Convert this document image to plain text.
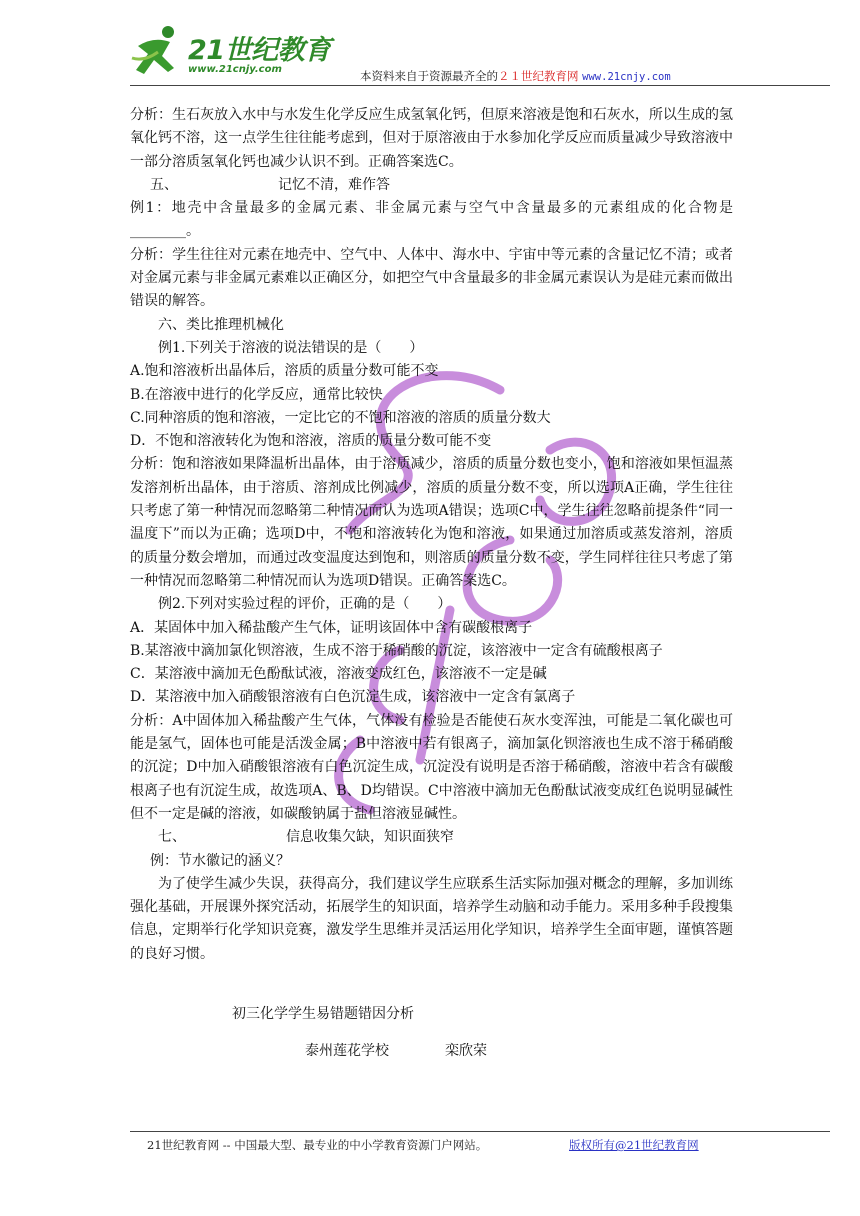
21世纪教育
www.21cnjy.com	本资料来自于资源最齐全的２１世纪教育网 www.21cnjy.com

分析：生石灰放入水中与水发生化学反应生成氢氧化钙，但原来溶液是饱和石灰水，所以生成的氢氧化钙不溶，这一点学生往往能考虑到，但对于原溶液由于水参加化学反应而质量减少导致溶液中一部分溶质氢氧化钙也减少认识不到。正确答案选C。

五、	记忆不清，难作答

例1：地壳中含量最多的金属元素、非金属元素与空气中含量最多的元素组成的化合物是________。

分析：学生往往对元素在地壳中、空气中、人体中、海水中、宇宙中等元素的含量记忆不清；或者对金属元素与非金属元素难以正确区分，如把空气中含量最多的非金属元素误认为是硅元素而做出错误的解答。

六、类比推理机械化

例1.下列关于溶液的说法错误的是（　　）

A.饱和溶液析出晶体后，溶质的质量分数可能不变

B.在溶液中进行的化学反应，通常比较快

C.同种溶质的饱和溶液，一定比它的不饱和溶液的溶质的质量分数大

D．不饱和溶液转化为饱和溶液，溶质的质量分数可能不变

分析：饱和溶液如果降温析出晶体，由于溶质减少，溶质的质量分数也变小，饱和溶液如果恒温蒸发溶剂析出晶体，由于溶质、溶剂成比例减少，溶质的质量分数不变，所以选项A正确，学生往往只考虑了第一种情况而忽略第二种情况而认为选项A错误；选项C中，学生往往忽略前提条件“同一温度下”而以为正确；选项D中，不饱和溶液转化为饱和溶液，如果通过加溶质或蒸发溶剂，溶质的质量分数会增加，而通过改变温度达到饱和，则溶质的质量分数不变，学生同样往往只考虑了第一种情况而忽略第二种情况而认为选项D错误。正确答案选C。

例2.下列对实验过程的评价，正确的是（　　）

A．某固体中加入稀盐酸产生气体，证明该固体中含有碳酸根离子

B.某溶液中滴加氯化钡溶液，生成不溶于稀硝酸的沉淀，该溶液中一定含有硫酸根离子

C．某溶液中滴加无色酚酞试液，溶液变成红色，该溶液不一定是碱

D．某溶液中加入硝酸银溶液有白色沉淀生成，该溶液中一定含有氯离子

分析：A中固体加入稀盐酸产生气体，气体没有检验是否能使石灰水变浑浊，可能是二氧化碳也可能是氢气，固体也可能是活泼金属；B中溶液中若有银离子，滴加氯化钡溶液也生成不溶于稀硝酸的沉淀；D中加入硝酸银溶液有白色沉淀生成，沉淀没有说明是否溶于稀硝酸，溶液中若含有碳酸根离子也有沉淀生成，故选项A、B、D均错误。C中溶液中滴加无色酚酞试液变成红色说明显碱性但不一定是碱的溶液，如碳酸钠属于盐但溶液显碱性。

七、	信息收集欠缺，知识面狭窄

例：节水徽记的涵义？

为了使学生减少失误，获得高分，我们建议学生应联系生活实际加强对概念的理解，多加训练强化基础，开展课外探究活动，拓展学生的知识面，培养学生动脑和动手能力。采用多种手段搜集信息，定期举行化学知识竞赛，激发学生思维并灵活运用化学知识，培养学生全面审题，谨慎答题的良好习惯。

初三化学学生易错题错因分析
泰州莲花学校	栾欣荣
21世纪教育网 -- 中国最大型、最专业的中小学教育资源门户网站。	版权所有@21世纪教育网
